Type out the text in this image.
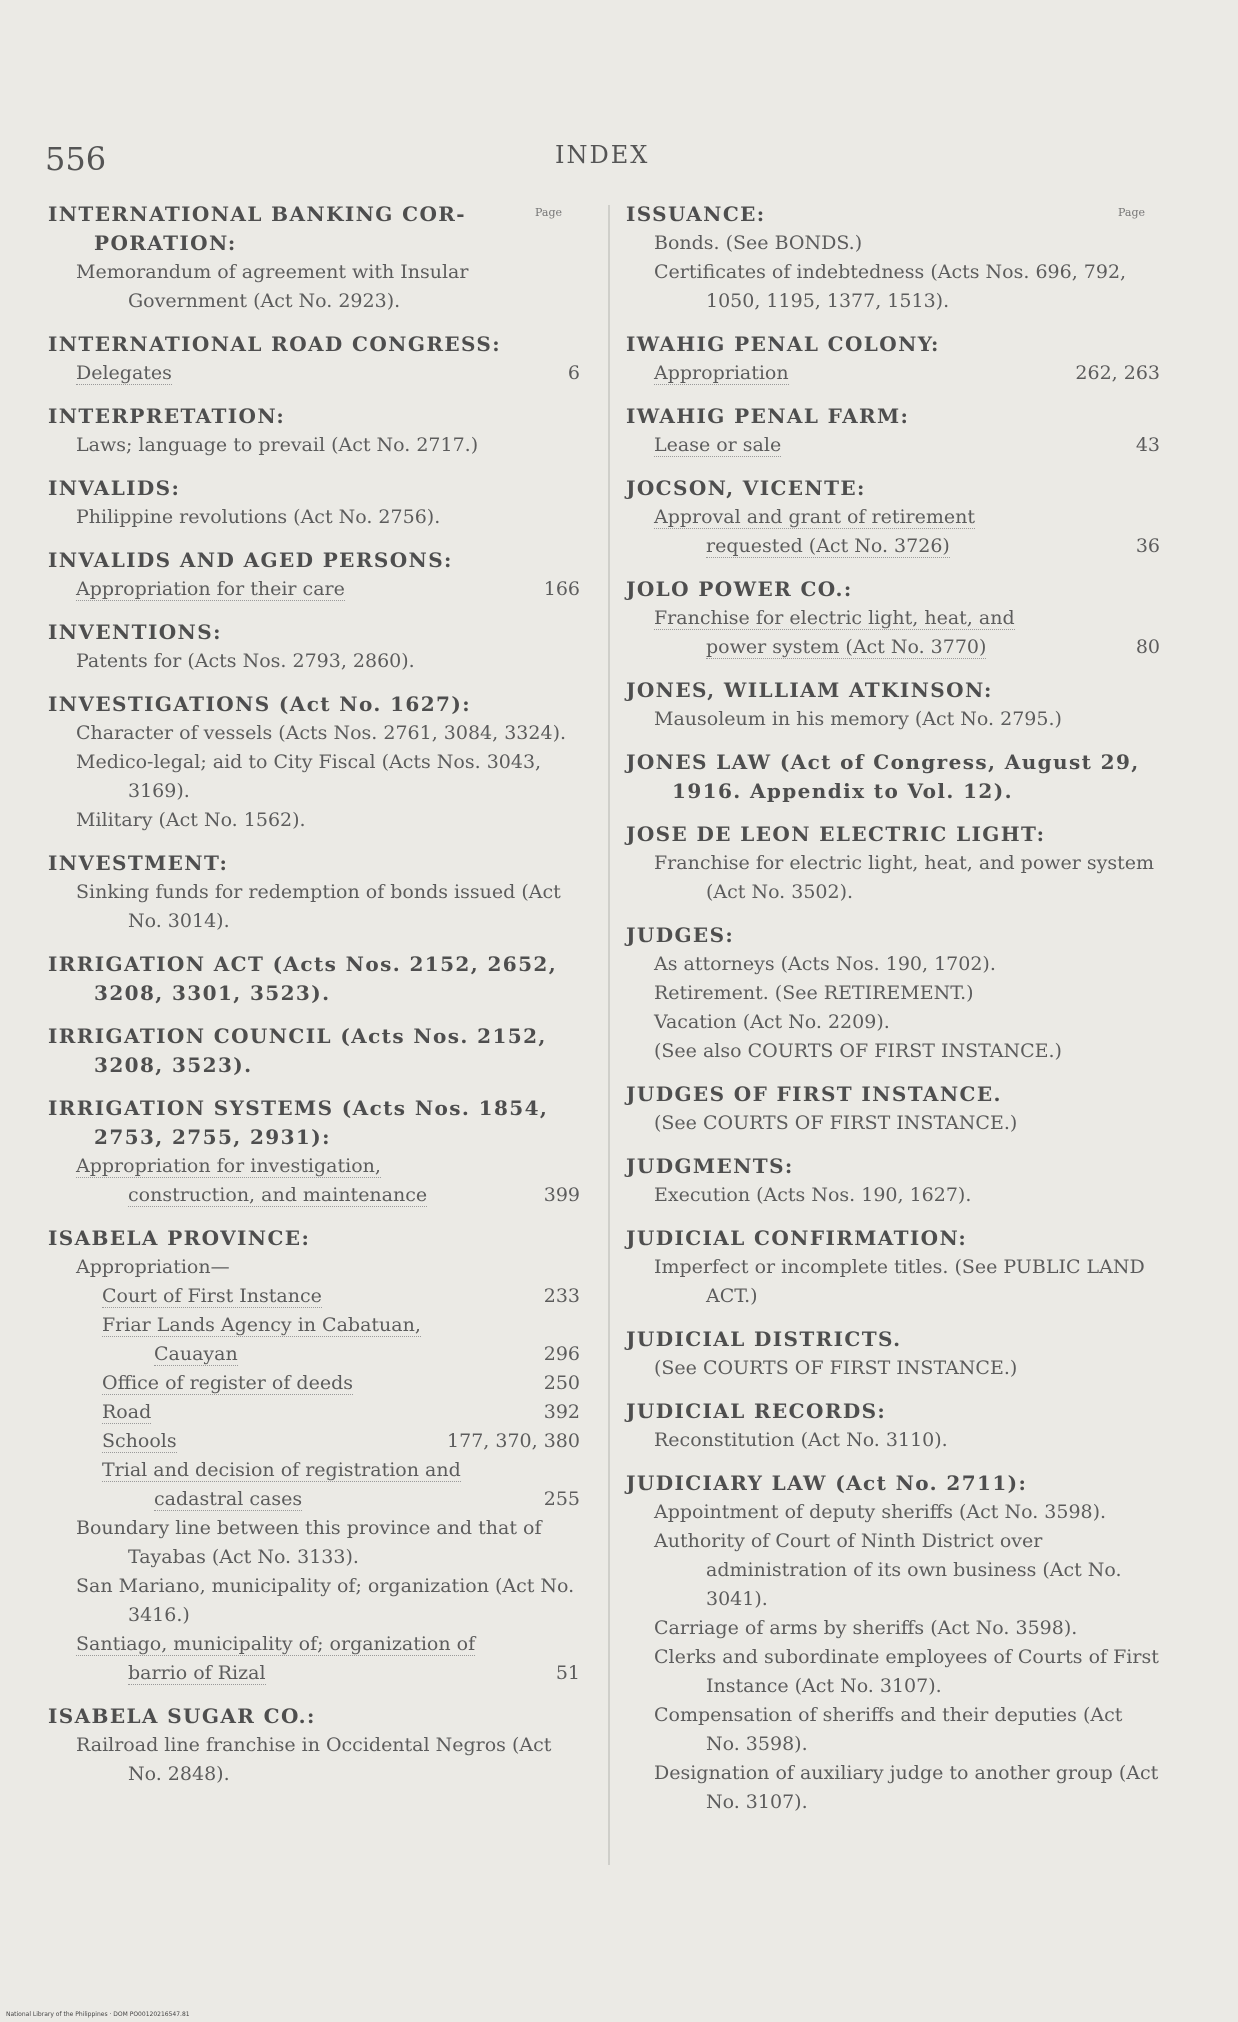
556	INDEX
Page	Page
INTERNATIONAL BANKING COR-PORATION:
Memorandum of agreement with Insular Government (Act No. 2923).
INTERNATIONAL ROAD CONGRESS:
Delegates	6
INTERPRETATION:
Laws; language to prevail (Act No. 2717.)
INVALIDS:
Philippine revolutions (Act No. 2756).
INVALIDS AND AGED PERSONS:
Appropriation for their care	166
INVENTIONS:
Patents for (Acts Nos. 2793, 2860).
INVESTIGATIONS (Act No. 1627):
Character of vessels (Acts Nos. 2761, 3084, 3324).
Medico-legal; aid to City Fiscal (Acts Nos. 3043, 3169).
Military (Act No. 1562).
INVESTMENT:
Sinking funds for redemption of bonds issued (Act No. 3014).
IRRIGATION ACT (Acts Nos. 2152, 2652, 3208, 3301, 3523).
IRRIGATION COUNCIL (Acts Nos. 2152, 3208, 3523).
IRRIGATION SYSTEMS (Acts Nos. 1854, 2753, 2755, 2931):
Appropriation for investigation, construction, and maintenance	399
ISABELA PROVINCE:
Appropriation—
Court of First Instance	233
Friar Lands Agency in Cabatuan, Cauayan	296
Office of register of deeds	250
Road	392
Schools	177, 370, 380
Trial and decision of registration and cadastral cases	255
Boundary line between this province and that of Tayabas (Act No. 3133).
San Mariano, municipality of; organization (Act No. 3416.)
Santiago, municipality of; organization of barrio of Rizal	51
ISABELA SUGAR CO.:
Railroad line franchise in Occidental Negros (Act No. 2848).
ISSUANCE:
Bonds. (See BONDS.)
Certificates of indebtedness (Acts Nos. 696, 792, 1050, 1195, 1377, 1513).
IWAHIG PENAL COLONY:
Appropriation	262, 263
IWAHIG PENAL FARM:
Lease or sale	43
JOCSON, VICENTE:
Approval and grant of retirement requested (Act No. 3726)	36
JOLO POWER CO.:
Franchise for electric light, heat, and power system (Act No. 3770)	80
JONES, WILLIAM ATKINSON:
Mausoleum in his memory (Act No. 2795.)
JONES LAW (Act of Congress, August 29, 1916. Appendix to Vol. 12).
JOSE DE LEON ELECTRIC LIGHT:
Franchise for electric light, heat, and power system (Act No. 3502).
JUDGES:
As attorneys (Acts Nos. 190, 1702).
Retirement. (See RETIREMENT.)
Vacation (Act No. 2209).
(See also COURTS OF FIRST INSTANCE.)
JUDGES OF FIRST INSTANCE.
(See COURTS OF FIRST INSTANCE.)
JUDGMENTS:
Execution (Acts Nos. 190, 1627).
JUDICIAL CONFIRMATION:
Imperfect or incomplete titles. (See PUBLIC LAND ACT.)
JUDICIAL DISTRICTS.
(See COURTS OF FIRST INSTANCE.)
JUDICIAL RECORDS:
Reconstitution (Act No. 3110).
JUDICIARY LAW (Act No. 2711):
Appointment of deputy sheriffs (Act No. 3598).
Authority of Court of Ninth District over administration of its own business (Act No. 3041).
Carriage of arms by sheriffs (Act No. 3598).
Clerks and subordinate employees of Courts of First Instance (Act No. 3107).
Compensation of sheriffs and their deputies (Act No. 3598).
Designation of auxiliary judge to another group (Act No. 3107).
National Library of the Philippines · DOM PO00120216547.81
